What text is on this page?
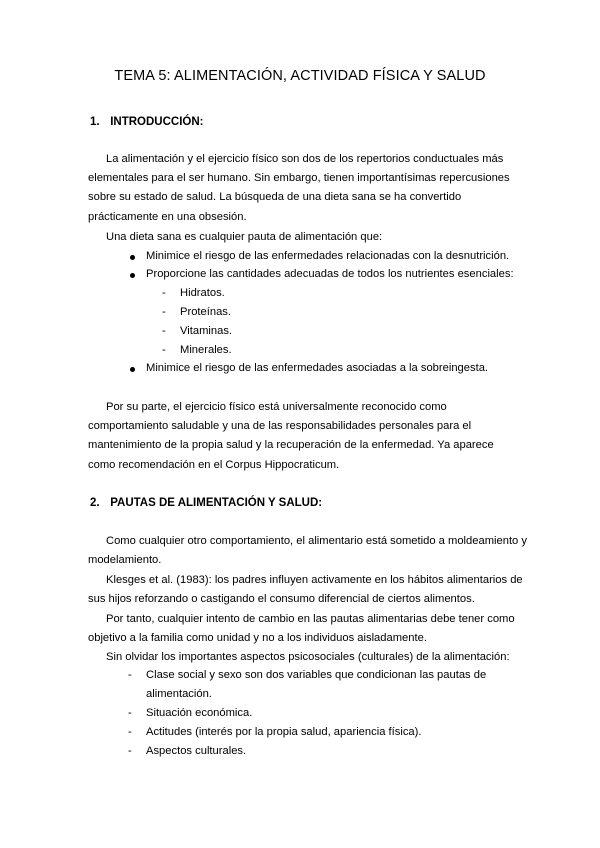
TEMA 5: ALIMENTACIÓN, ACTIVIDAD FÍSICA Y SALUD
1. INTRODUCCIÓN:

La alimentación y el ejercicio físico son dos de los repertorios conductuales más elementales para el ser humano. Sin embargo, tienen importantísimas repercusiones sobre su estado de salud. La búsqueda de una dieta sana se ha convertido prácticamente en una obsesión.

Una dieta sana es cualquier pauta de alimentación que:
Minimice el riesgo de las enfermedades relacionadas con la desnutrición.
Proporcione las cantidades adecuadas de todos los nutrientes esenciales:
- Hidratos.
- Proteínas.
- Vitaminas.
- Minerales.
Minimice el riesgo de las enfermedades asociadas a la sobreingesta.

Por su parte, el ejercicio físico está universalmente reconocido como comportamiento saludable y una de las responsabilidades personales para el mantenimiento de la propia salud y la recuperación de la enfermedad. Ya aparece como recomendación en el Corpus Hippocraticum.

2. PAUTAS DE ALIMENTACIÓN Y SALUD:

Como cualquier otro comportamiento, el alimentario está sometido a moldeamiento y modelamiento.

Klesges et al. (1983): los padres influyen activamente en los hábitos alimentarios de sus hijos reforzando o castigando el consumo diferencial de ciertos alimentos.

Por tanto, cualquier intento de cambio en las pautas alimentarias debe tener como objetivo a la familia como unidad y no a los individuos aisladamente.

Sin olvidar los importantes aspectos psicosociales (culturales) de la alimentación:
- Clase social y sexo son dos variables que condicionan las pautas de alimentación.
- Situación económica.
- Actitudes (interés por la propia salud, apariencia física).
- Aspectos culturales.
